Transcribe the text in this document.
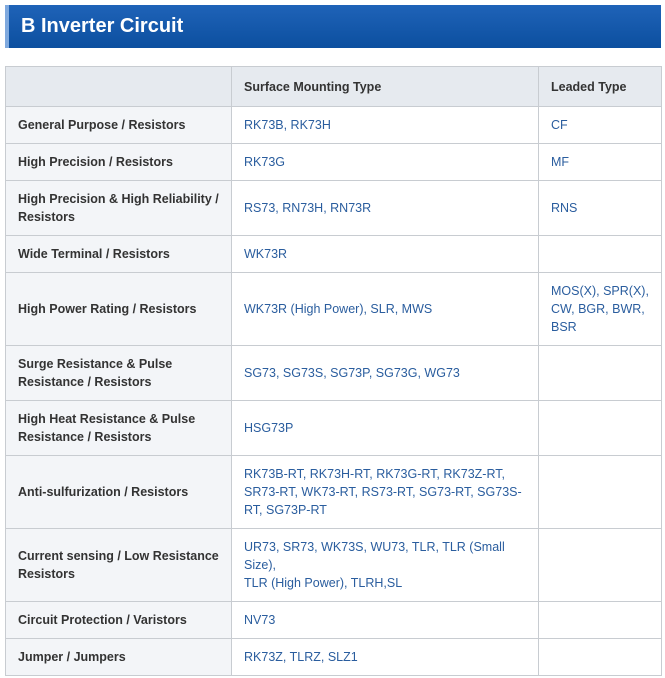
B Inverter Circuit
	Surface Mounting Type	Leaded Type
General Purpose / Resistors	RK73B, RK73H	CF
High Precision / Resistors	RK73G	MF
High Precision & High Reliability / Resistors	RS73, RN73H, RN73R	RNS
Wide Terminal / Resistors	WK73R	
High Power Rating / Resistors	WK73R (High Power), SLR, MWS	MOS(X), SPR(X), CW, BGR, BWR, BSR
Surge Resistance & Pulse Resistance / Resistors	SG73, SG73S, SG73P, SG73G, WG73	
High Heat Resistance & Pulse Resistance / Resistors	HSG73P	
Anti-sulfurization / Resistors	RK73B-RT, RK73H-RT, RK73G-RT, RK73Z-RT, SR73-RT, WK73-RT, RS73-RT, SG73-RT, SG73S-RT, SG73P-RT	
Current sensing / Low Resistance Resistors	UR73, SR73, WK73S, WU73, TLR, TLR (Small Size),
TLR (High Power), TLRH,SL	
Circuit Protection / Varistors	NV73	
Jumper / Jumpers	RK73Z, TLRZ, SLZ1	
